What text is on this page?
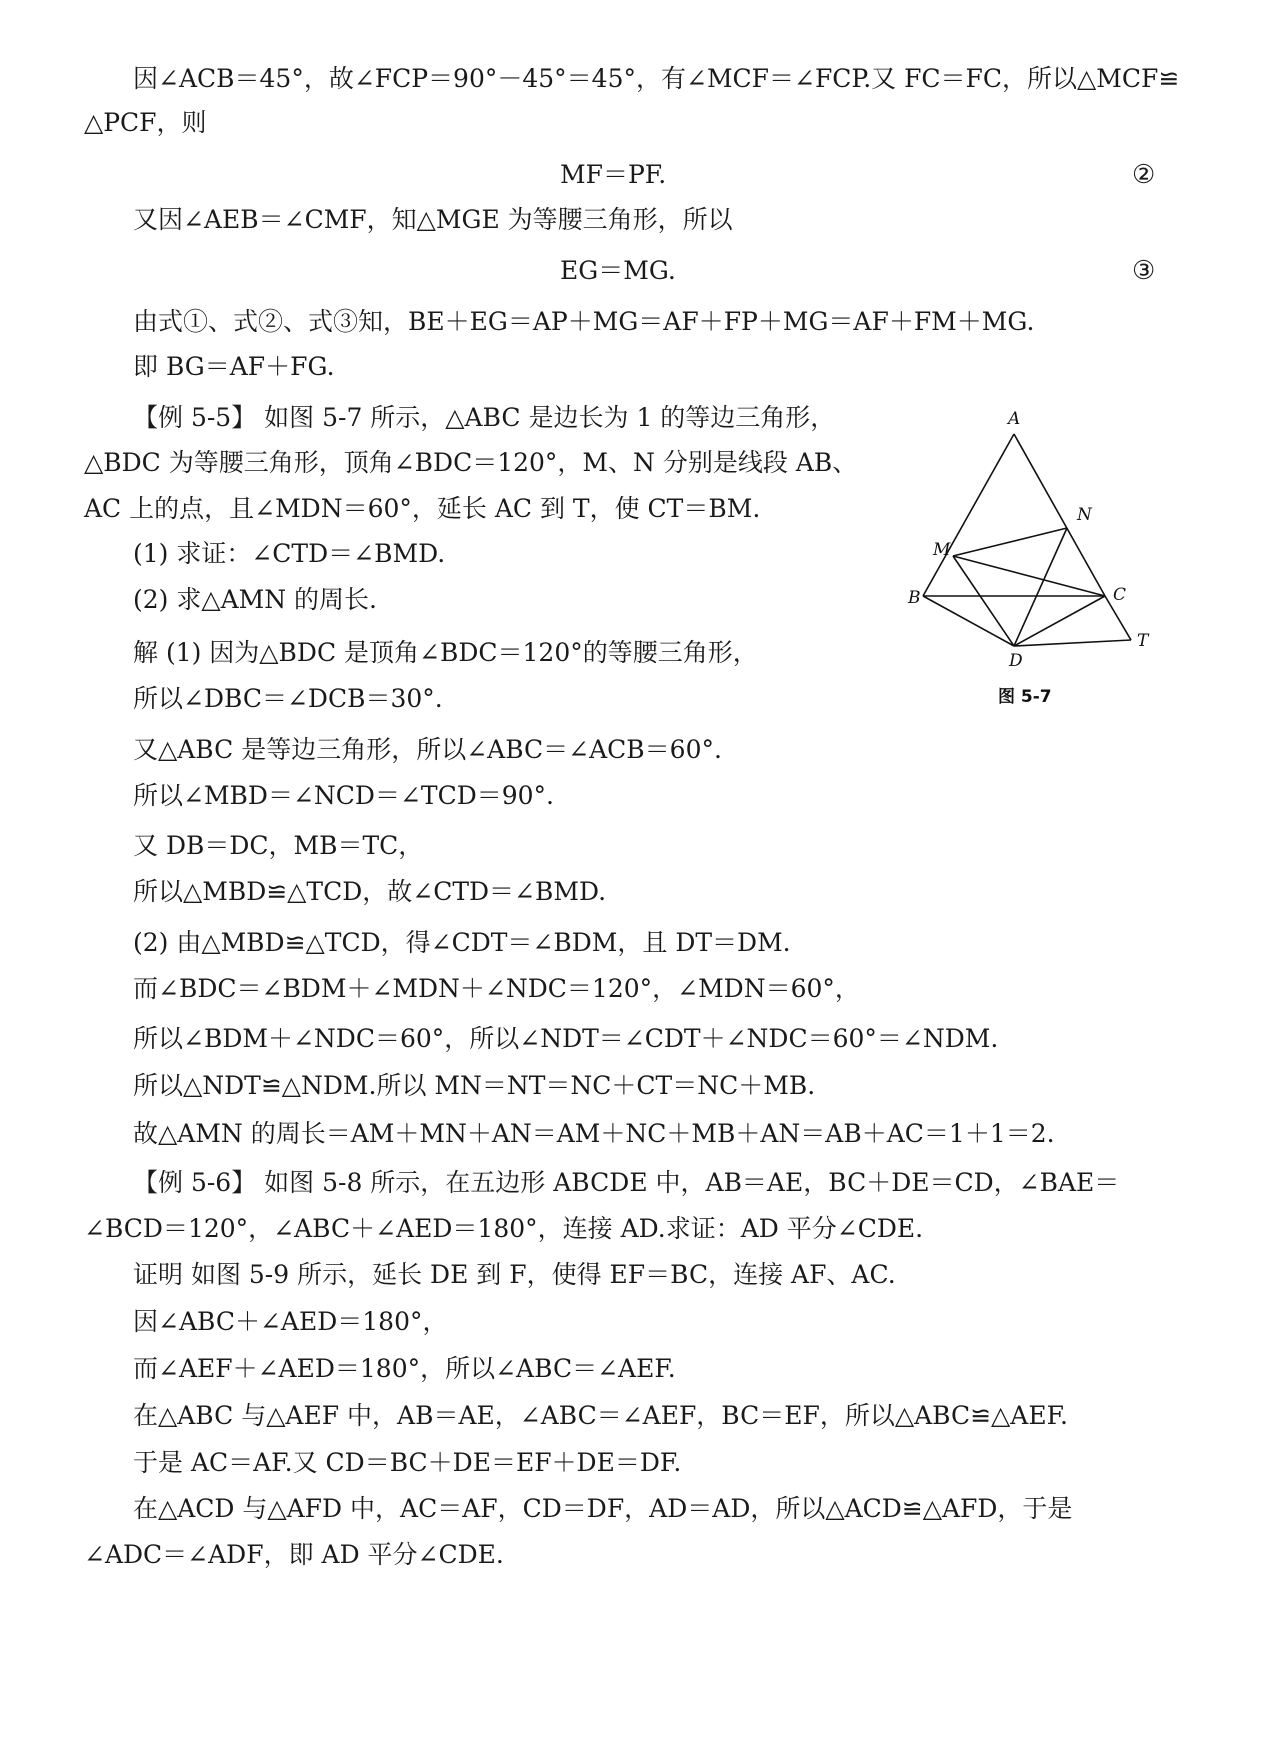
因∠ACB＝45°，故∠FCP＝90°－45°＝45°，有∠MCF＝∠FCP.又 FC＝FC，所以△MCF≌
△PCF，则
MF＝PF.	②
又因∠AEB＝∠CMF，知△MGE 为等腰三角形，所以
EG＝MG.	③
由式①、式②、式③知，BE＋EG＝AP＋MG＝AF＋FP＋MG＝AF＋FM＋MG.
即 BG＝AF＋FG.
【例 5-5】 如图 5-7 所示，△ABC 是边长为 1 的等边三角形，
△BDC 为等腰三角形，顶角∠BDC＝120°，M、N 分别是线段 AB、
AC 上的点，且∠MDN＝60°，延长 AC 到 T，使 CT＝BM.
(1) 求证：∠CTD＝∠BMD.
(2) 求△AMN 的周长.
解 (1) 因为△BDC 是顶角∠BDC＝120°的等腰三角形，
所以∠DBC＝∠DCB＝30°.
又△ABC 是等边三角形，所以∠ABC＝∠ACB＝60°.
所以∠MBD＝∠NCD＝∠TCD＝90°.
又 DB＝DC，MB＝TC，
所以△MBD≌△TCD，故∠CTD＝∠BMD.
(2) 由△MBD≌△TCD，得∠CDT＝∠BDM，且 DT＝DM.
而∠BDC＝∠BDM＋∠MDN＋∠NDC＝120°，∠MDN＝60°，
所以∠BDM＋∠NDC＝60°，所以∠NDT＝∠CDT＋∠NDC＝60°＝∠NDM.
所以△NDT≌△NDM.所以 MN＝NT＝NC＋CT＝NC＋MB.
故△AMN 的周长＝AM＋MN＋AN＝AM＋NC＋MB＋AN＝AB＋AC＝1＋1＝2.
【例 5-6】 如图 5-8 所示，在五边形 ABCDE 中，AB＝AE，BC＋DE＝CD，∠BAE＝
∠BCD＝120°，∠ABC＋∠AED＝180°，连接 AD.求证：AD 平分∠CDE.
证明 如图 5-9 所示，延长 DE 到 F，使得 EF＝BC，连接 AF、AC.
因∠ABC＋∠AED＝180°，
而∠AEF＋∠AED＝180°，所以∠ABC＝∠AEF.
在△ABC 与△AEF 中，AB＝AE，∠ABC＝∠AEF，BC＝EF，所以△ABC≌△AEF.
于是 AC＝AF.又 CD＝BC＋DE＝EF＋DE＝DF.
在△ACD 与△AFD 中，AC＝AF，CD＝DF，AD＝AD，所以△ACD≌△AFD，于是
∠ADC＝∠ADF，即 AD 平分∠CDE.
A
N
M
B	C
D
T
图 5-7
